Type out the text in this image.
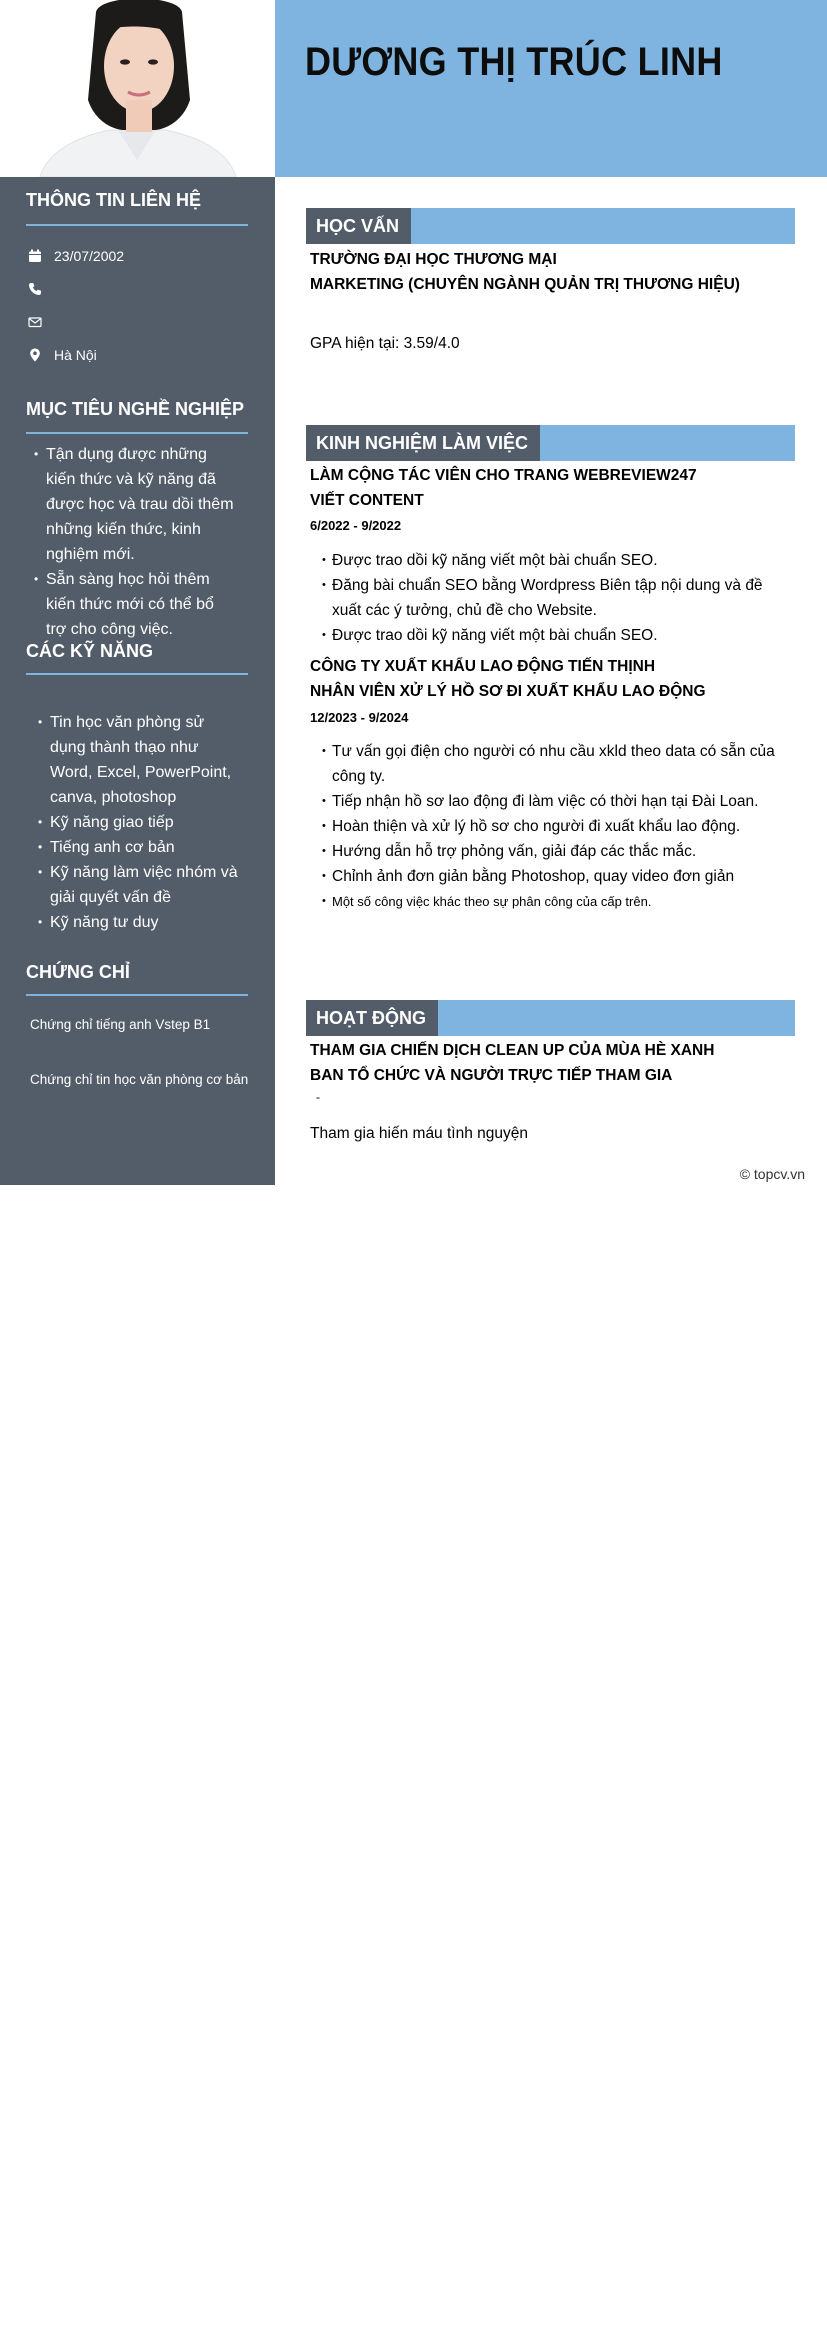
DƯƠNG THỊ TRÚC LINH
THÔNG TIN LIÊN HỆ
23/07/2002
Hà Nội
MỤC TIÊU NGHỀ NGHIỆP
• Tận dụng được những kiến thức và kỹ năng đã được học và trau dồi thêm những kiến thức, kinh nghiệm mới.
• Sẵn sàng học hỏi thêm kiến thức mới có thể bổ trợ cho công việc.
CÁC KỸ NĂNG
• Tin học văn phòng sử dụng thành thạo như Word, Excel, PowerPoint, canva, photoshop
• Kỹ năng giao tiếp
• Tiếng anh cơ bản
• Kỹ năng làm việc nhóm và giải quyết vấn đề
• Kỹ năng tư duy
CHỨNG CHỈ
Chứng chỉ tiếng anh Vstep B1
Chứng chỉ tin học văn phòng cơ bản
HỌC VẤN
TRƯỜNG ĐẠI HỌC THƯƠNG MẠI
MARKETING (CHUYÊN NGÀNH QUẢN TRỊ THƯƠNG HIỆU)
GPA hiện tại: 3.59/4.0
KINH NGHIỆM LÀM VIỆC
LÀM CỘNG TÁC VIÊN CHO TRANG WEBREVIEW247
VIẾT CONTENT
6/2022 - 9/2022
• Được trao dồi kỹ năng viết một bài chuẩn SEO.
• Đăng bài chuẩn SEO bằng Wordpress Biên tập nội dung và đề xuất các ý tưởng, chủ đề cho Website.
• Được trao dồi kỹ năng viết một bài chuẩn SEO.
CÔNG TY XUẤT KHẨU LAO ĐỘNG TIẾN THỊNH
NHÂN VIÊN XỬ LÝ HỒ SƠ ĐI XUẤT KHẨU LAO ĐỘNG
12/2023 - 9/2024
• Tư vấn gọi điện cho người có nhu cầu xkld theo data có sẵn của công ty.
• Tiếp nhận hồ sơ lao động đi làm việc có thời hạn tại Đài Loan.
• Hoàn thiện và xử lý hồ sơ cho người đi xuất khẩu lao động.
• Hướng dẫn hỗ trợ phỏng vấn, giải đáp các thắc mắc.
• Chỉnh ảnh đơn giản bằng Photoshop, quay video đơn giản
• Một số công việc khác theo sự phân công của cấp trên.
HOẠT ĐỘNG
THAM GIA CHIẾN DỊCH CLEAN UP CỦA MÙA HÈ XANH
BAN TỔ CHỨC VÀ NGƯỜI TRỰC TIẾP THAM GIA
-
Tham gia hiến máu tình nguyện
© topcv.vn
